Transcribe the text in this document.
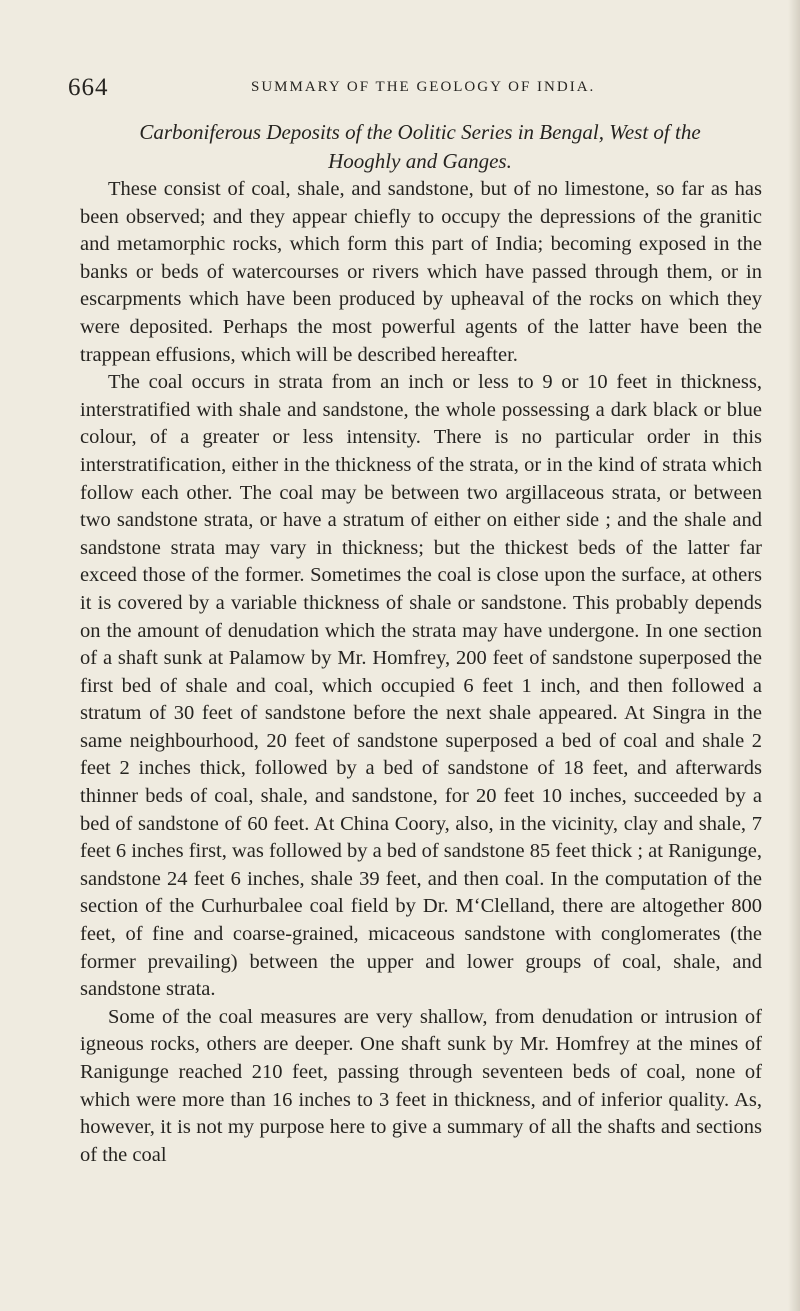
664	SUMMARY OF THE GEOLOGY OF INDIA.
Carboniferous Deposits of the Oolitic Series in Bengal, West of the
Hooghly and Ganges.

These consist of coal, shale, and sandstone, but of no limestone, so far as has been observed; and they appear chiefly to occupy the depressions of the granitic and metamorphic rocks, which form this part of India; becoming exposed in the banks or beds of watercourses or rivers which have passed through them, or in escarpments which have been produced by upheaval of the rocks on which they were deposited. Perhaps the most powerful agents of the latter have been the trappean effusions, which will be described hereafter.

The coal occurs in strata from an inch or less to 9 or 10 feet in thickness, interstratified with shale and sandstone, the whole possessing a dark black or blue colour, of a greater or less intensity. There is no particular order in this interstratification, either in the thickness of the strata, or in the kind of strata which follow each other. The coal may be between two argillaceous strata, or between two sandstone strata, or have a stratum of either on either side ; and the shale and sandstone strata may vary in thickness; but the thickest beds of the latter far exceed those of the former. Sometimes the coal is close upon the surface, at others it is covered by a variable thickness of shale or sandstone. This probably depends on the amount of denudation which the strata may have undergone. In one section of a shaft sunk at Palamow by Mr. Homfrey, 200 feet of sandstone superposed the first bed of shale and coal, which occupied 6 feet 1 inch, and then followed a stratum of 30 feet of sandstone before the next shale appeared. At Singra in the same neighbourhood, 20 feet of sandstone superposed a bed of coal and shale 2 feet 2 inches thick, followed by a bed of sandstone of 18 feet, and afterwards thinner beds of coal, shale, and sandstone, for 20 feet 10 inches, succeeded by a bed of sandstone of 60 feet. At China Coory, also, in the vicinity, clay and shale, 7 feet 6 inches first, was followed by a bed of sandstone 85 feet thick ; at Ranigunge, sandstone 24 feet 6 inches, shale 39 feet, and then coal. In the computation of the section of the Curhurbalee coal field by Dr. M‘Clelland, there are altogether 800 feet, of fine and coarse-grained, micaceous sandstone with conglomerates (the former prevailing) between the upper and lower groups of coal, shale, and sandstone strata.

Some of the coal measures are very shallow, from denudation or intrusion of igneous rocks, others are deeper. One shaft sunk by Mr. Homfrey at the mines of Ranigunge reached 210 feet, passing through seventeen beds of coal, none of which were more than 16 inches to 3 feet in thickness, and of inferior quality. As, however, it is not my purpose here to give a summary of all the shafts and sections of the coal
